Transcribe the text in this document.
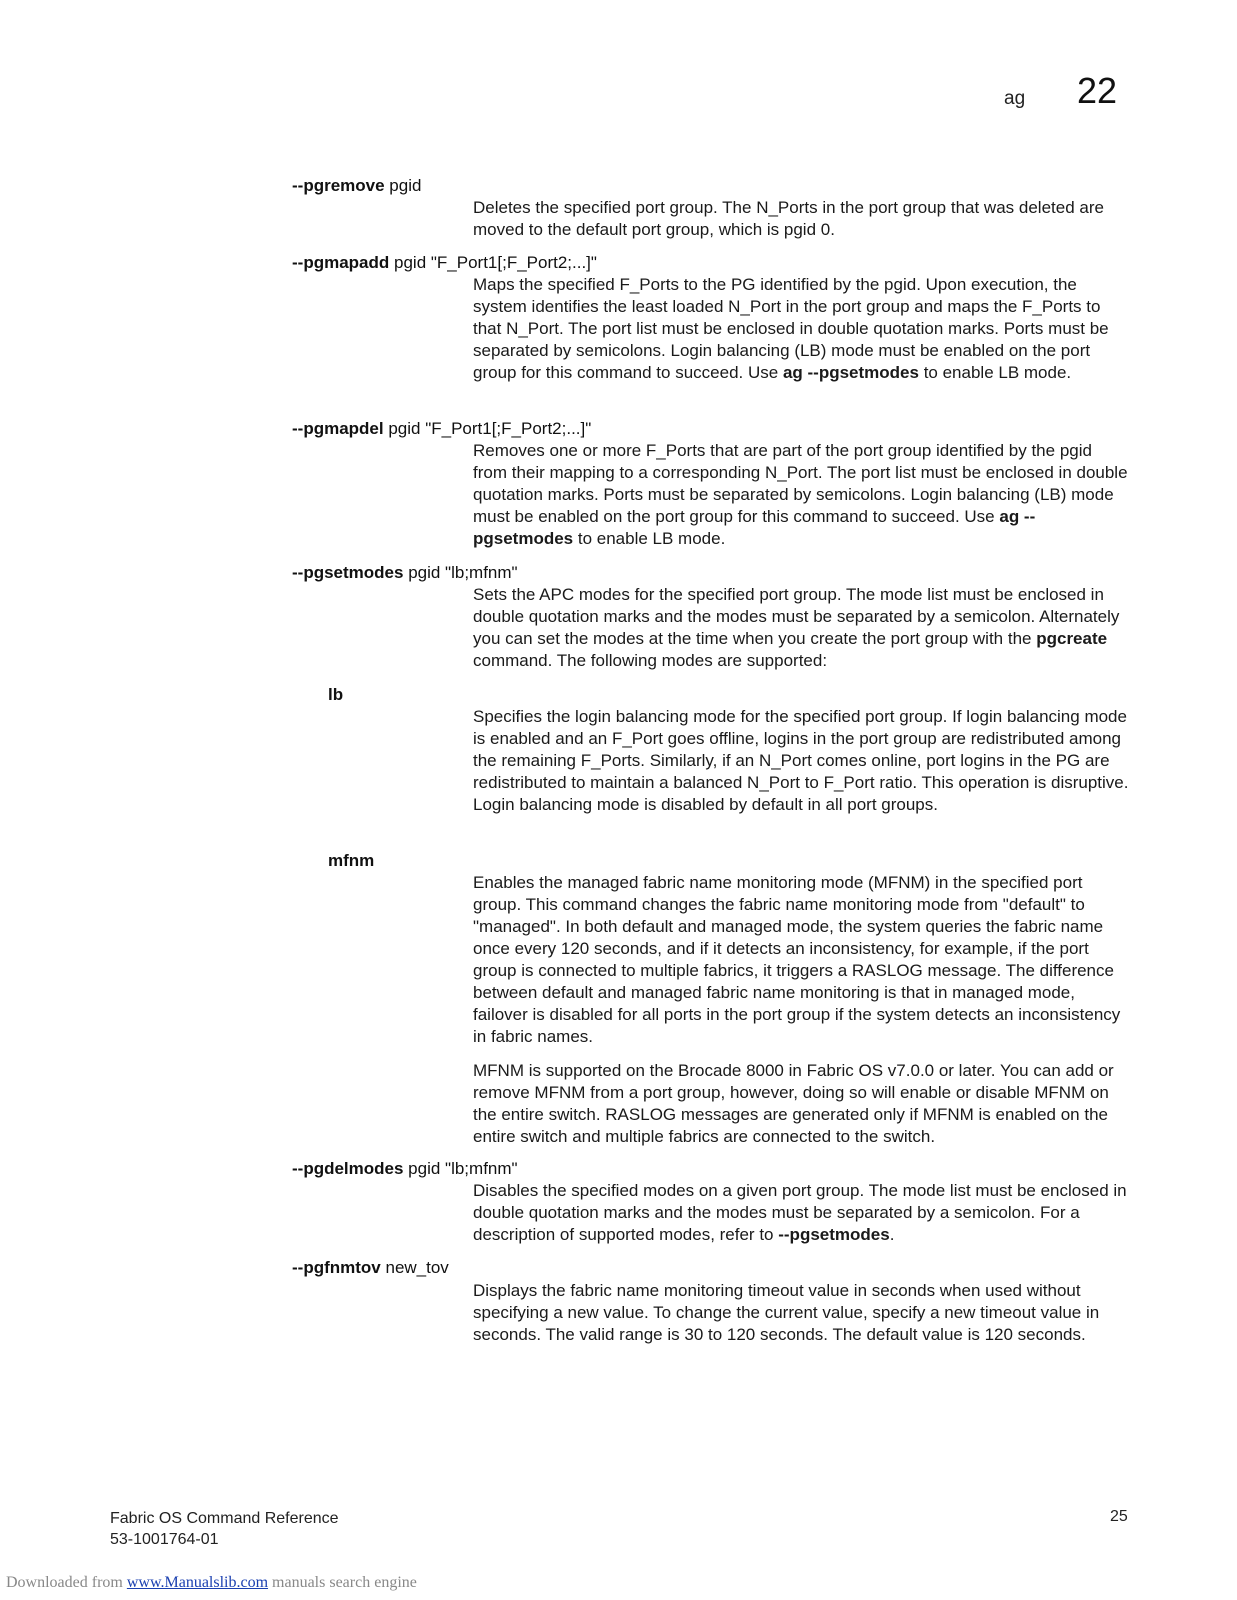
ag 22
--pgremove pgid

Deletes the specified port group. The N_Ports in the port group that was deleted are moved to the default port group, which is pgid 0.

--pgmapadd pgid "F_Port1[;F_Port2;...]"

Maps the specified F_Ports to the PG identified by the pgid. Upon execution, the system identifies the least loaded N_Port in the port group and maps the F_Ports to that N_Port. The port list must be enclosed in double quotation marks. Ports must be separated by semicolons. Login balancing (LB) mode must be enabled on the port group for this command to succeed. Use ag --pgsetmodes to enable LB mode.

--pgmapdel pgid "F_Port1[;F_Port2;...]"

Removes one or more F_Ports that are part of the port group identified by the pgid from their mapping to a corresponding N_Port. The port list must be enclosed in double quotation marks. Ports must be separated by semicolons. Login balancing (LB) mode must be enabled on the port group for this command to succeed. Use ag --pgsetmodes to enable LB mode.

--pgsetmodes pgid "lb;mfnm"

Sets the APC modes for the specified port group. The mode list must be enclosed in double quotation marks and the modes must be separated by a semicolon. Alternately you can set the modes at the time when you create the port group with the pgcreate command. The following modes are supported:

lb

Specifies the login balancing mode for the specified port group. If login balancing mode is enabled and an F_Port goes offline, logins in the port group are redistributed among the remaining F_Ports. Similarly, if an N_Port comes online, port logins in the PG are redistributed to maintain a balanced N_Port to F_Port ratio. This operation is disruptive. Login balancing mode is disabled by default in all port groups.

mfnm

Enables the managed fabric name monitoring mode (MFNM) in the specified port group. This command changes the fabric name monitoring mode from "default" to "managed". In both default and managed mode, the system queries the fabric name once every 120 seconds, and if it detects an inconsistency, for example, if the port group is connected to multiple fabrics, it triggers a RASLOG message. The difference between default and managed fabric name monitoring is that in managed mode, failover is disabled for all ports in the port group if the system detects an inconsistency in fabric names.

MFNM is supported on the Brocade 8000 in Fabric OS v7.0.0 or later. You can add or remove MFNM from a port group, however, doing so will enable or disable MFNM on the entire switch. RASLOG messages are generated only if MFNM is enabled on the entire switch and multiple fabrics are connected to the switch.

--pgdelmodes pgid "lb;mfnm"

Disables the specified modes on a given port group. The mode list must be enclosed in double quotation marks and the modes must be separated by a semicolon. For a description of supported modes, refer to --pgsetmodes.

--pgfnmtov new_tov

Displays the fabric name monitoring timeout value in seconds when used without specifying a new value. To change the current value, specify a new timeout value in seconds. The valid range is 30 to 120 seconds. The default value is 120 seconds.

Fabric OS Command Reference
53-1001764-01
25
Downloaded from www.Manualslib.com manuals search engine
